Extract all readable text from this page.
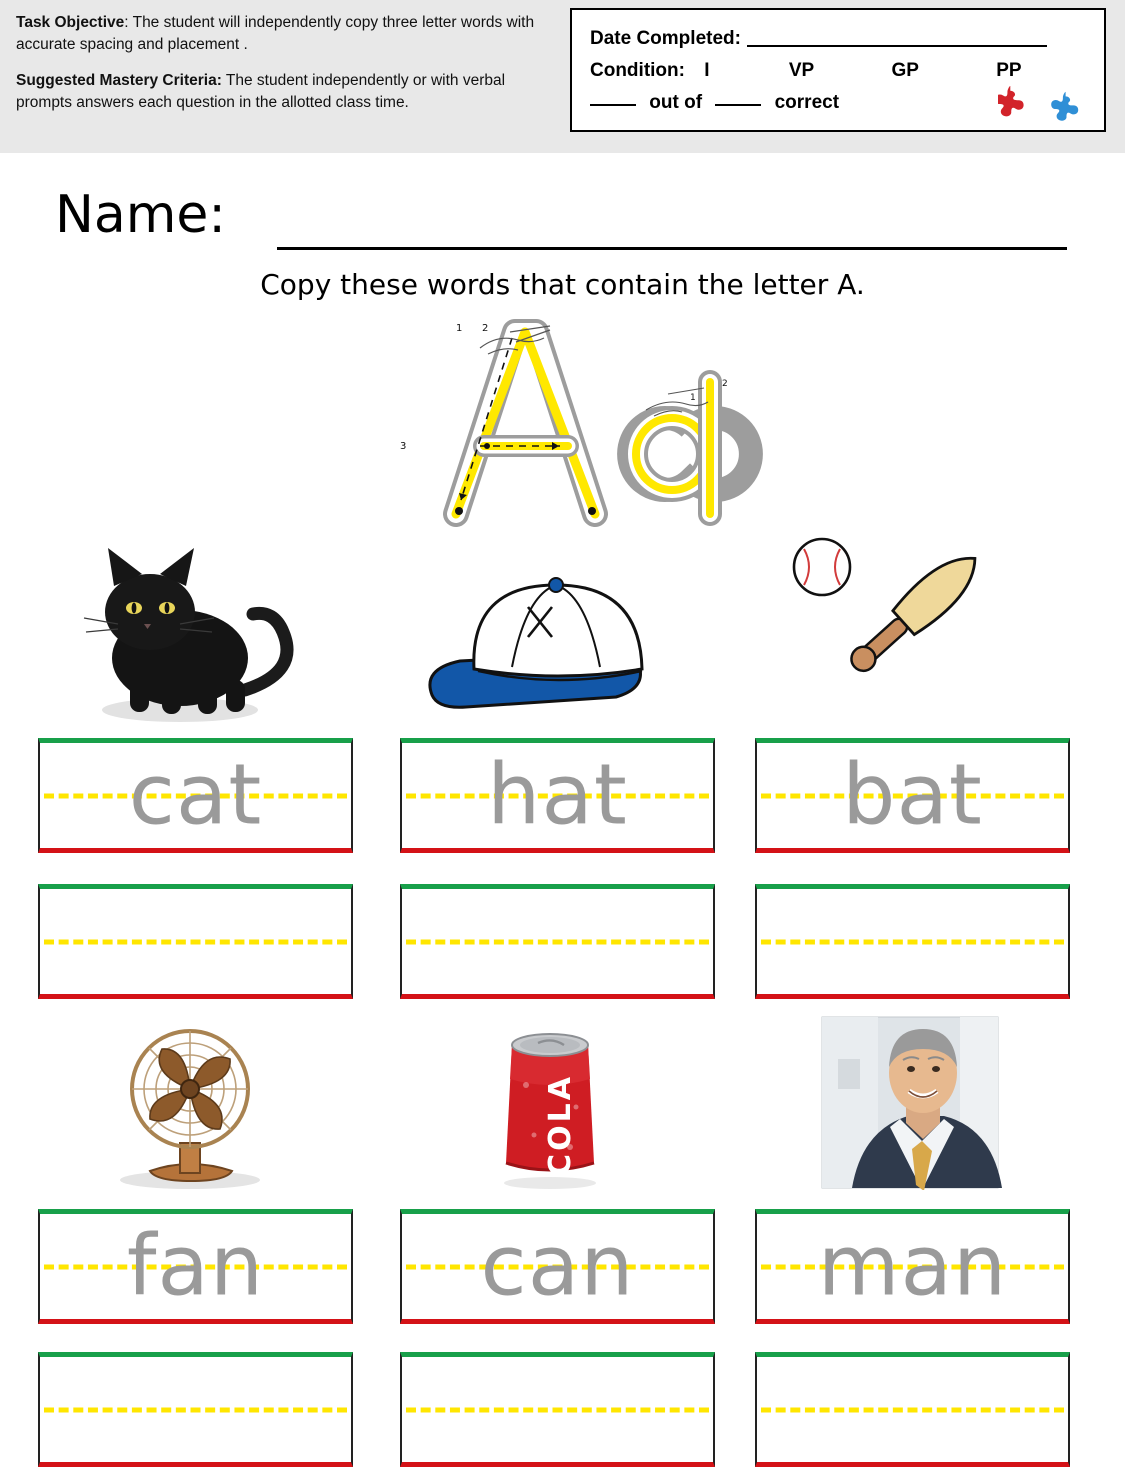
Task Objective: The student will independently copy three letter words with accurate spacing and placement .

Suggested Mastery Criteria: The student independently or with verbal prompts answers each question in the allotted class time.

Date Completed:
Condition: I	VP	GP	PP
out of	correct
Name:
Copy these words that contain the letter A.
3
1 2
1
2
cat	hat	bat
COLA
fan	can	man
